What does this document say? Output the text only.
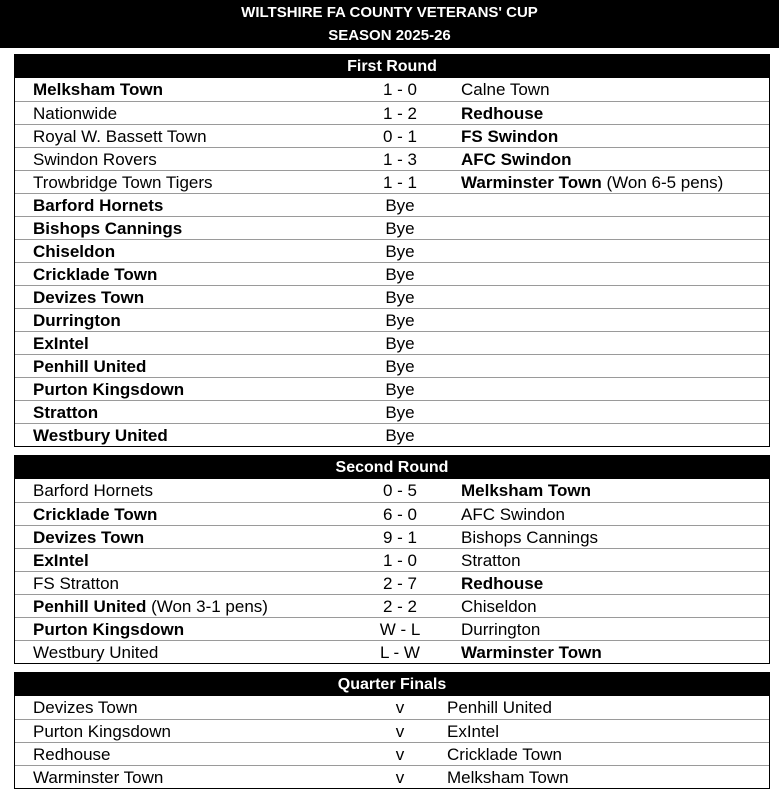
WILTSHIRE FA COUNTY VETERANS' CUP
SEASON 2025-26
First Round
Melksham Town	1 - 0	Calne Town
Nationwide	1 - 2	Redhouse
Royal W. Bassett Town	0 - 1	FS Swindon
Swindon Rovers	1 - 3	AFC Swindon
Trowbridge Town Tigers	1 - 1	Warminster Town (Won 6-5 pens)
Barford Hornets	Bye
Bishops Cannings	Bye
Chiseldon	Bye
Cricklade Town	Bye
Devizes Town	Bye
Durrington	Bye
ExIntel	Bye
Penhill United	Bye
Purton Kingsdown	Bye
Stratton	Bye
Westbury United	Bye
Second Round
Barford Hornets	0 - 5	Melksham Town
Cricklade Town	6 - 0	AFC Swindon
Devizes Town	9 - 1	Bishops Cannings
ExIntel	1 - 0	Stratton
FS Stratton	2 - 7	Redhouse
Penhill United (Won 3-1 pens)	2 - 2	Chiseldon
Purton Kingsdown	W - L	Durrington
Westbury United	L - W	Warminster Town
Quarter Finals
Devizes Town	v	Penhill United
Purton Kingsdown	v	ExIntel
Redhouse	v	Cricklade Town
Warminster Town	v	Melksham Town
